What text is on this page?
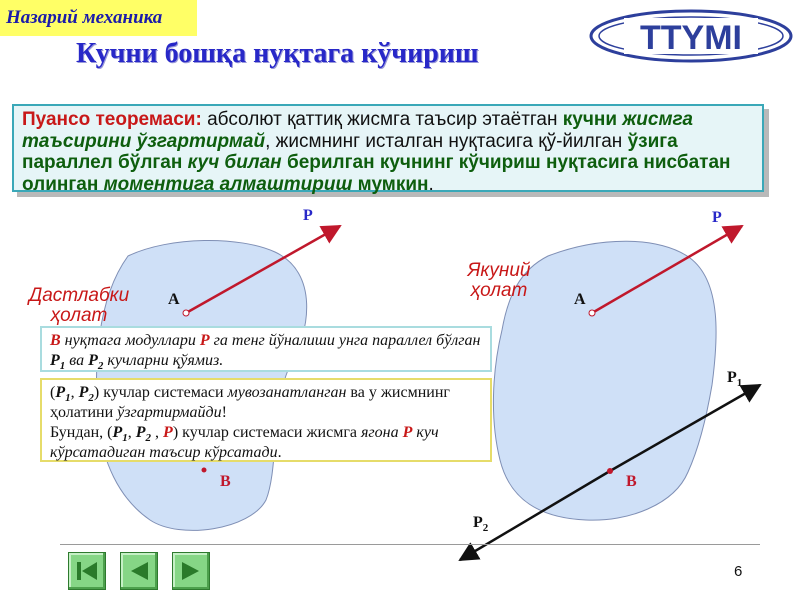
Назарий механика
TTYMI
Кучни бошқа нуқтага кўчириш
Пуансо теоремаси: абсолют қаттиқ жисмга таъсир этаётган кучни жисмга таъсирини ўзгартирмай, жисмнинг исталган нуқтасига қў-йилган ўзига параллел бўлган куч билан берилган кучнинг кўчириш нуқтасига нисбатан олинган моментига алмаштириш мумкин.
P
A
B
P
A
B
$P_1$
$P_2$
Дастлабки ҳолат
Якуний ҳолат
B нуқтага модуллари P га тенг йўналиши унга параллел бўлган $P_1$ ва $P_2$ кучларни қўямиз.
($P_1$, $P_2$) кучлар системаси мувозанатланган ва у жисмнинг ҳолатини ўзгартирмайди!
Бундан, ($P_1$, $P_2$ , P) кучлар системаси жисмга ягона P куч кўрсатадиган таъсир кўрсатади.
6
